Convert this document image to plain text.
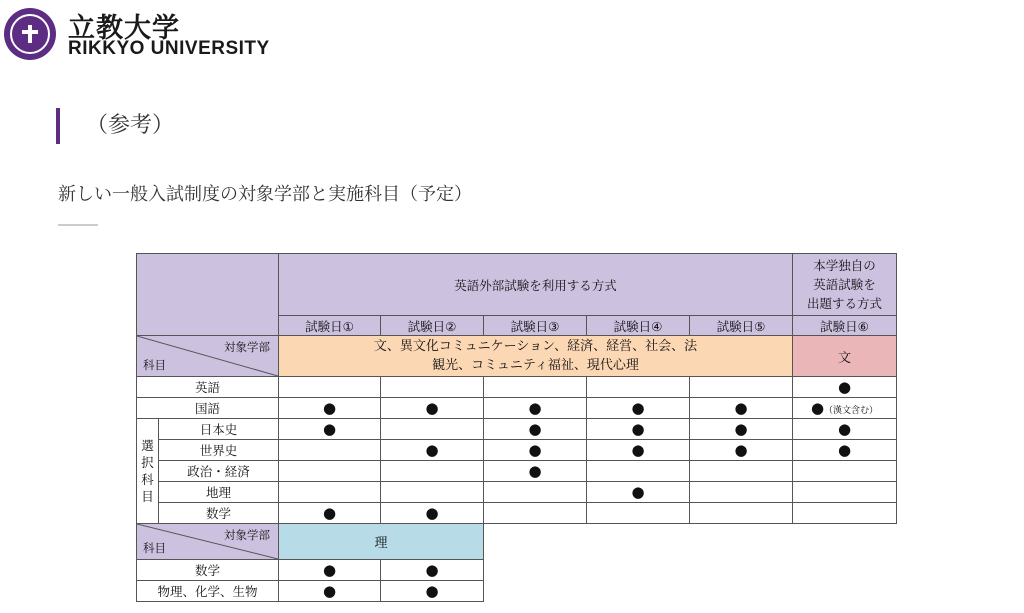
立教大学
RIKKYO UNIVERSITY
（参考）
新しい一般入試制度の対象学部と実施科目（予定）
		英語外部試験を利用する方式					本学独自の
英語試験を
出題する方式
		試験日①	試験日②	試験日③	試験日④	試験日⑤	試験日⑥

対象学部
科目		文、異文化コミュニケーション、経済、経営、社会、法
観光、コミュニティ福祉、現代心理					文
英語							●
国語		●	●	●	●	●	●（漢文含む）
選
択
科
目	日本史	●		●	●	●	●
	世界史		●	●	●	●	●
	政治・経済			●			
	地理				●		
	数学	●	●				

対象学部
科目		理					
数学		●	●				
物理、化学、生物		●	●				
